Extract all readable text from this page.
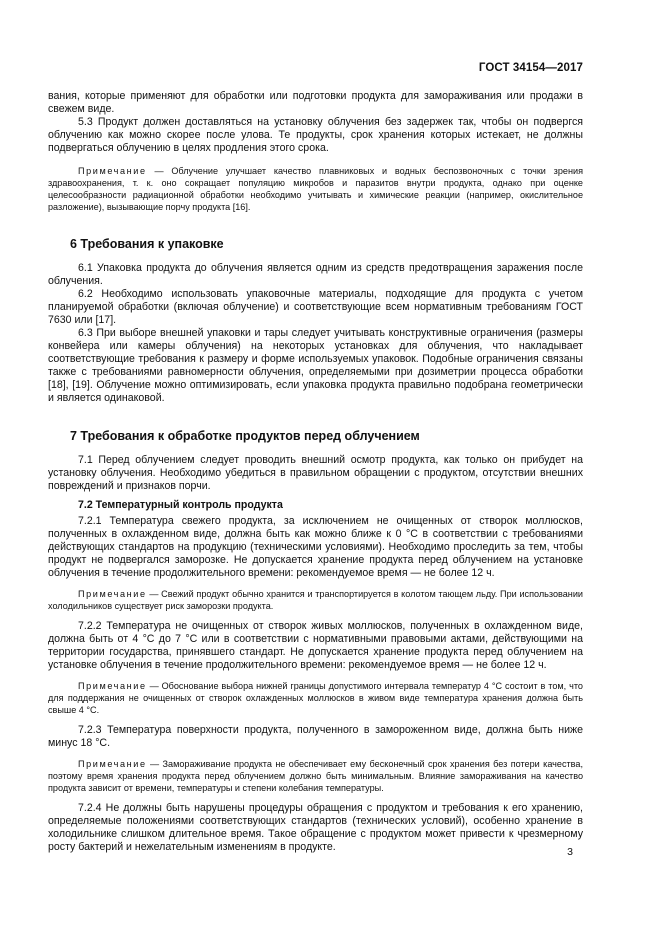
ГОСТ 34154—2017

вания, которые применяют для обработки или подготовки продукта для замораживания или продажи в свежем виде.

5.3 Продукт должен доставляться на установку облучения без задержек так, чтобы он подвергся облучению как можно скорее после улова. Те продукты, срок хранения которых истекает, не должны подвергаться облучению в целях продления этого срока.

Примечание — Облучение улучшает качество плавниковых и водных беспозвоночных с точки зрения здравоохранения, т. к. оно сокращает популяцию микробов и паразитов внутри продукта, однако при оценке целесообразности радиационной обработки необходимо учитывать и химические реакции (например, окислительное разложение), вызывающие порчу продукта [16].

6 Требования к упаковке

6.1 Упаковка продукта до облучения является одним из средств предотвращения заражения после облучения.

6.2 Необходимо использовать упаковочные материалы, подходящие для продукта с учетом планируемой обработки (включая облучение) и соответствующие всем нормативным требованиям ГОСТ 7630 или [17].

6.3 При выборе внешней упаковки и тары следует учитывать конструктивные ограничения (размеры конвейера или камеры облучения) на некоторых установках для облучения, что накладывает соответствующие требования к размеру и форме используемых упаковок. Подобные ограничения связаны также с требованиями равномерности облучения, определяемыми при дозиметрии процесса обработки [18], [19]. Облучение можно оптимизировать, если упаковка продукта правильно подобрана геометрически и является одинаковой.

7 Требования к обработке продуктов перед облучением

7.1 Перед облучением следует проводить внешний осмотр продукта, как только он прибудет на установку облучения. Необходимо убедиться в правильном обращении с продуктом, отсутствии внешних повреждений и признаков порчи.

7.2 Температурный контроль продукта

7.2.1 Температура свежего продукта, за исключением не очищенных от створок моллюсков, полученных в охлажденном виде, должна быть как можно ближе к 0 °C в соответствии с требованиями действующих стандартов на продукцию (техническими условиями). Необходимо проследить за тем, чтобы продукт не подвергался заморозке. Не допускается хранение продукта перед облучением на установке облучения в течение продолжительного времени: рекомендуемое время — не более 12 ч.

Примечание — Свежий продукт обычно хранится и транспортируется в колотом тающем льду. При использовании холодильников существует риск заморозки продукта.

7.2.2 Температура не очищенных от створок живых моллюсков, полученных в охлажденном виде, должна быть от 4 °C до 7 °C или в соответствии с нормативными правовыми актами, действующими на территории государства, принявшего стандарт. Не допускается хранение продукта перед облучением на установке облучения в течение продолжительного времени: рекомендуемое время — не более 12 ч.

Примечание — Обоснование выбора нижней границы допустимого интервала температур 4 °C состоит в том, что для поддержания не очищенных от створок охлажденных моллюсков в живом виде температура хранения должна быть свыше 4 °C.

7.2.3 Температура поверхности продукта, полученного в замороженном виде, должна быть ниже минус 18 °C.

Примечание — Замораживание продукта не обеспечивает ему бесконечный срок хранения без потери качества, поэтому время хранения продукта перед облучением должно быть минимальным. Влияние замораживания на качество продукта зависит от времени, температуры и степени колебания температуры.

7.2.4 Не должны быть нарушены процедуры обращения с продуктом и требования к его хранению, определяемые положениями соответствующих стандартов (технических условий), особенно хранение в холодильнике слишком длительное время. Такое обращение с продуктом может привести к чрезмерному росту бактерий и нежелательным изменениям в продукте.	3
